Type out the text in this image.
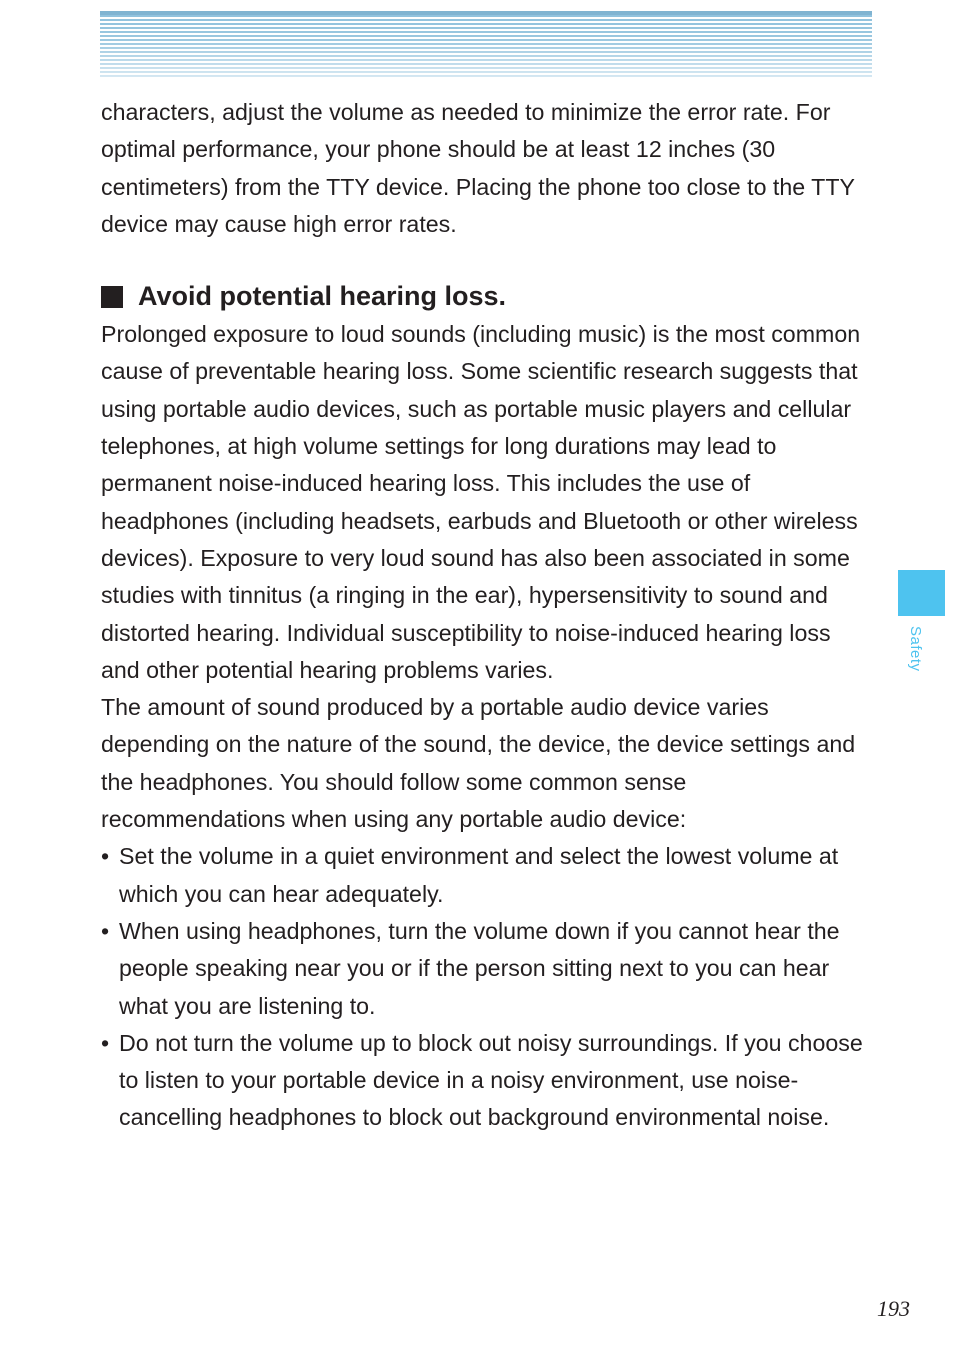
characters, adjust the volume as needed to minimize the error rate. For optimal performance, your phone should be at least 12 inches (30 centimeters) from the TTY device. Placing the phone too close to the TTY device may cause high error rates.

Avoid potential hearing loss.

Prolonged exposure to loud sounds (including music) is the most common cause of preventable hearing loss. Some scientific research suggests that using portable audio devices, such as portable music players and cellular telephones, at high volume settings for long durations may lead to permanent noise-induced hearing loss. This includes the use of headphones (including headsets, earbuds and Bluetooth or other wireless devices). Exposure to very loud sound has also been associated in some studies with tinnitus (a ringing in the ear), hypersensitivity to sound and distorted hearing. Individual susceptibility to noise-induced hearing loss and other potential hearing problems varies.

The amount of sound produced by a portable audio device varies depending on the nature of the sound, the device, the device settings and the headphones. You should follow some common sense recommendations when using any portable audio device:

• Set the volume in a quiet environment and select the lowest volume at which you can hear adequately.
• When using headphones, turn the volume down if you cannot hear the people speaking near you or if the person sitting next to you can hear what you are listening to.
• Do not turn the volume up to block out noisy surroundings. If you choose to listen to your portable device in a noisy environment, use noise-cancelling headphones to block out background environmental noise.
Safety
193
